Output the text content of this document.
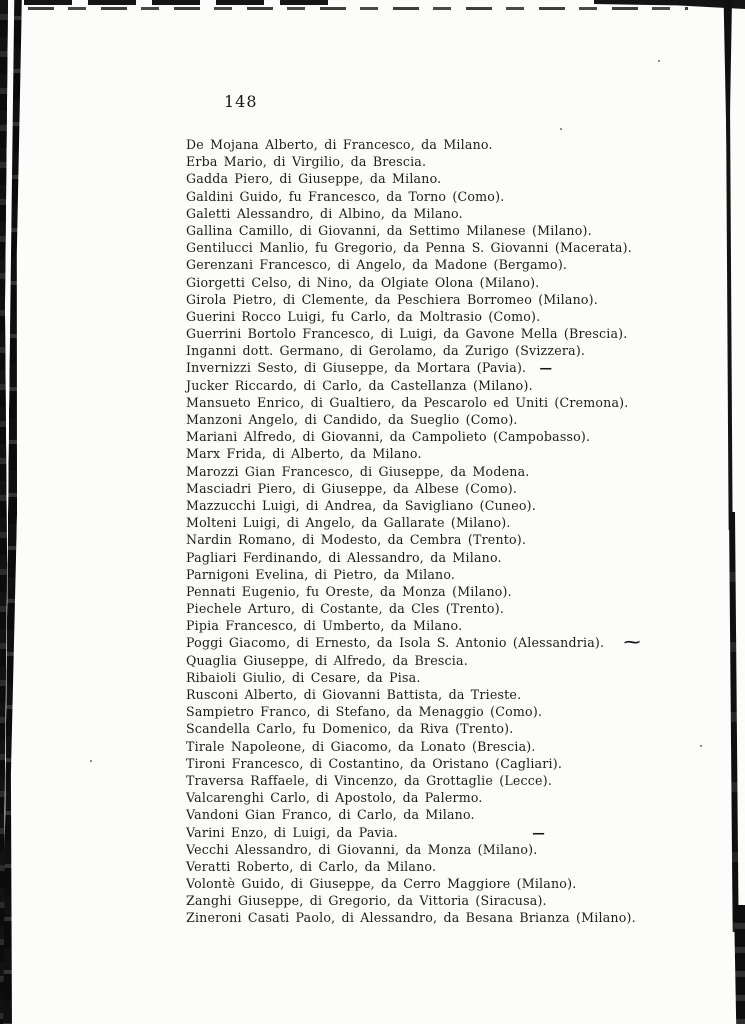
148
De Mojana Alberto, di Francesco, da Milano.
Erba Mario, di Virgilio, da Brescia.
Gadda Piero, di Giuseppe, da Milano.
Galdini Guido, fu Francesco, da Torno (Como).
Galetti Alessandro, di Albino, da Milano.
Gallina Camillo, di Giovanni, da Settimo Milanese (Milano).
Gentilucci Manlio, fu Gregorio, da Penna S. Giovanni (Macerata).
Gerenzani Francesco, di Angelo, da Madone (Bergamo).
Giorgetti Celso, di Nino, da Olgiate Olona (Milano).
Girola Pietro, di Clemente, da Peschiera Borromeo (Milano).
Guerini Rocco Luigi, fu Carlo, da Moltrasio (Como).
Guerrini Bortolo Francesco, di Luigi, da Gavone Mella (Brescia).
Inganni dott. Germano, di Gerolamo, da Zurigo (Svizzera).
Invernizzi Sesto, di Giuseppe, da Mortara (Pavia). —
Jucker Riccardo, di Carlo, da Castellanza (Milano).
Mansueto Enrico, di Gualtiero, da Pescarolo ed Uniti (Cremona).
Manzoni Angelo, di Candido, da Sueglio (Como).
Mariani Alfredo, di Giovanni, da Campolieto (Campobasso).
Marx Frida, di Alberto, da Milano.
Marozzi Gian Francesco, di Giuseppe, da Modena.
Masciadri Piero, di Giuseppe, da Albese (Como).
Mazzucchi Luigi, di Andrea, da Savigliano (Cuneo).
Molteni Luigi, di Angelo, da Gallarate (Milano).
Nardin Romano, di Modesto, da Cembra (Trento).
Pagliari Ferdinando, di Alessandro, da Milano.
Parnigoni Evelina, di Pietro, da Milano.
Pennati Eugenio, fu Oreste, da Monza (Milano).
Piechele Arturo, di Costante, da Cles (Trento).
Pipia Francesco, di Umberto, da Milano.
Poggi Giacomo, di Ernesto, da Isola S. Antonio (Alessandria). ~
Quaglia Giuseppe, di Alfredo, da Brescia.
Ribaioli Giulio, di Cesare, da Pisa.
Rusconi Alberto, di Giovanni Battista, da Trieste.
Sampietro Franco, di Stefano, da Menaggio (Como).
Scandella Carlo, fu Domenico, da Riva (Trento).
Tirale Napoleone, di Giacomo, da Lonato (Brescia).
Tironi Francesco, di Costantino, da Oristano (Cagliari).
Traversa Raffaele, di Vincenzo, da Grottaglie (Lecce).
Valcarenghi Carlo, di Apostolo, da Palermo.
Vandoni Gian Franco, di Carlo, da Milano.
Varini Enzo, di Luigi, da Pavia.	—
Vecchi Alessandro, di Giovanni, da Monza (Milano).
Veratti Roberto, di Carlo, da Milano.
Volontè Guido, di Giuseppe, da Cerro Maggiore (Milano).
Zanghi Giuseppe, di Gregorio, da Vittoria (Siracusa).
Zineroni Casati Paolo, di Alessandro, da Besana Brianza (Milano).
